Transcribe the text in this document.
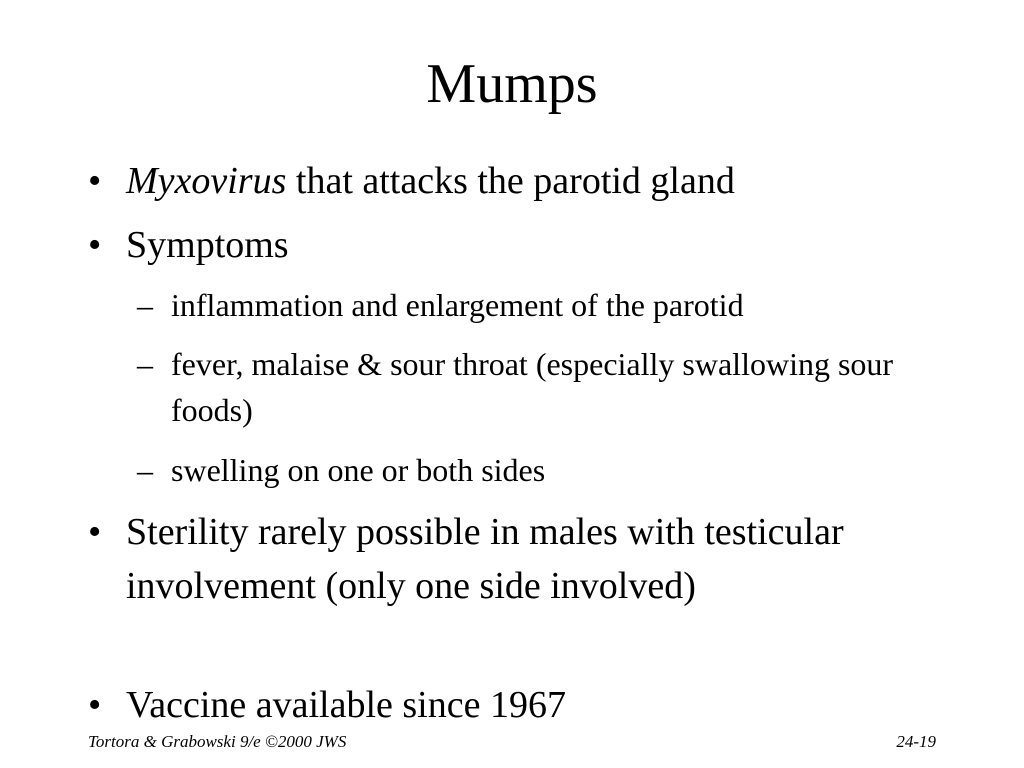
Mumps
• Myxovirus that attacks the parotid gland
• Symptoms
– inflammation and enlargement of the parotid
– fever, malaise & sour throat (especially swallowing sour foods)
– swelling on one or both sides
• Sterility rarely possible in males with testicular involvement (only one side involved)
• Vaccine available since 1967
Tortora & Grabowski 9/e ©2000 JWS	24-19
